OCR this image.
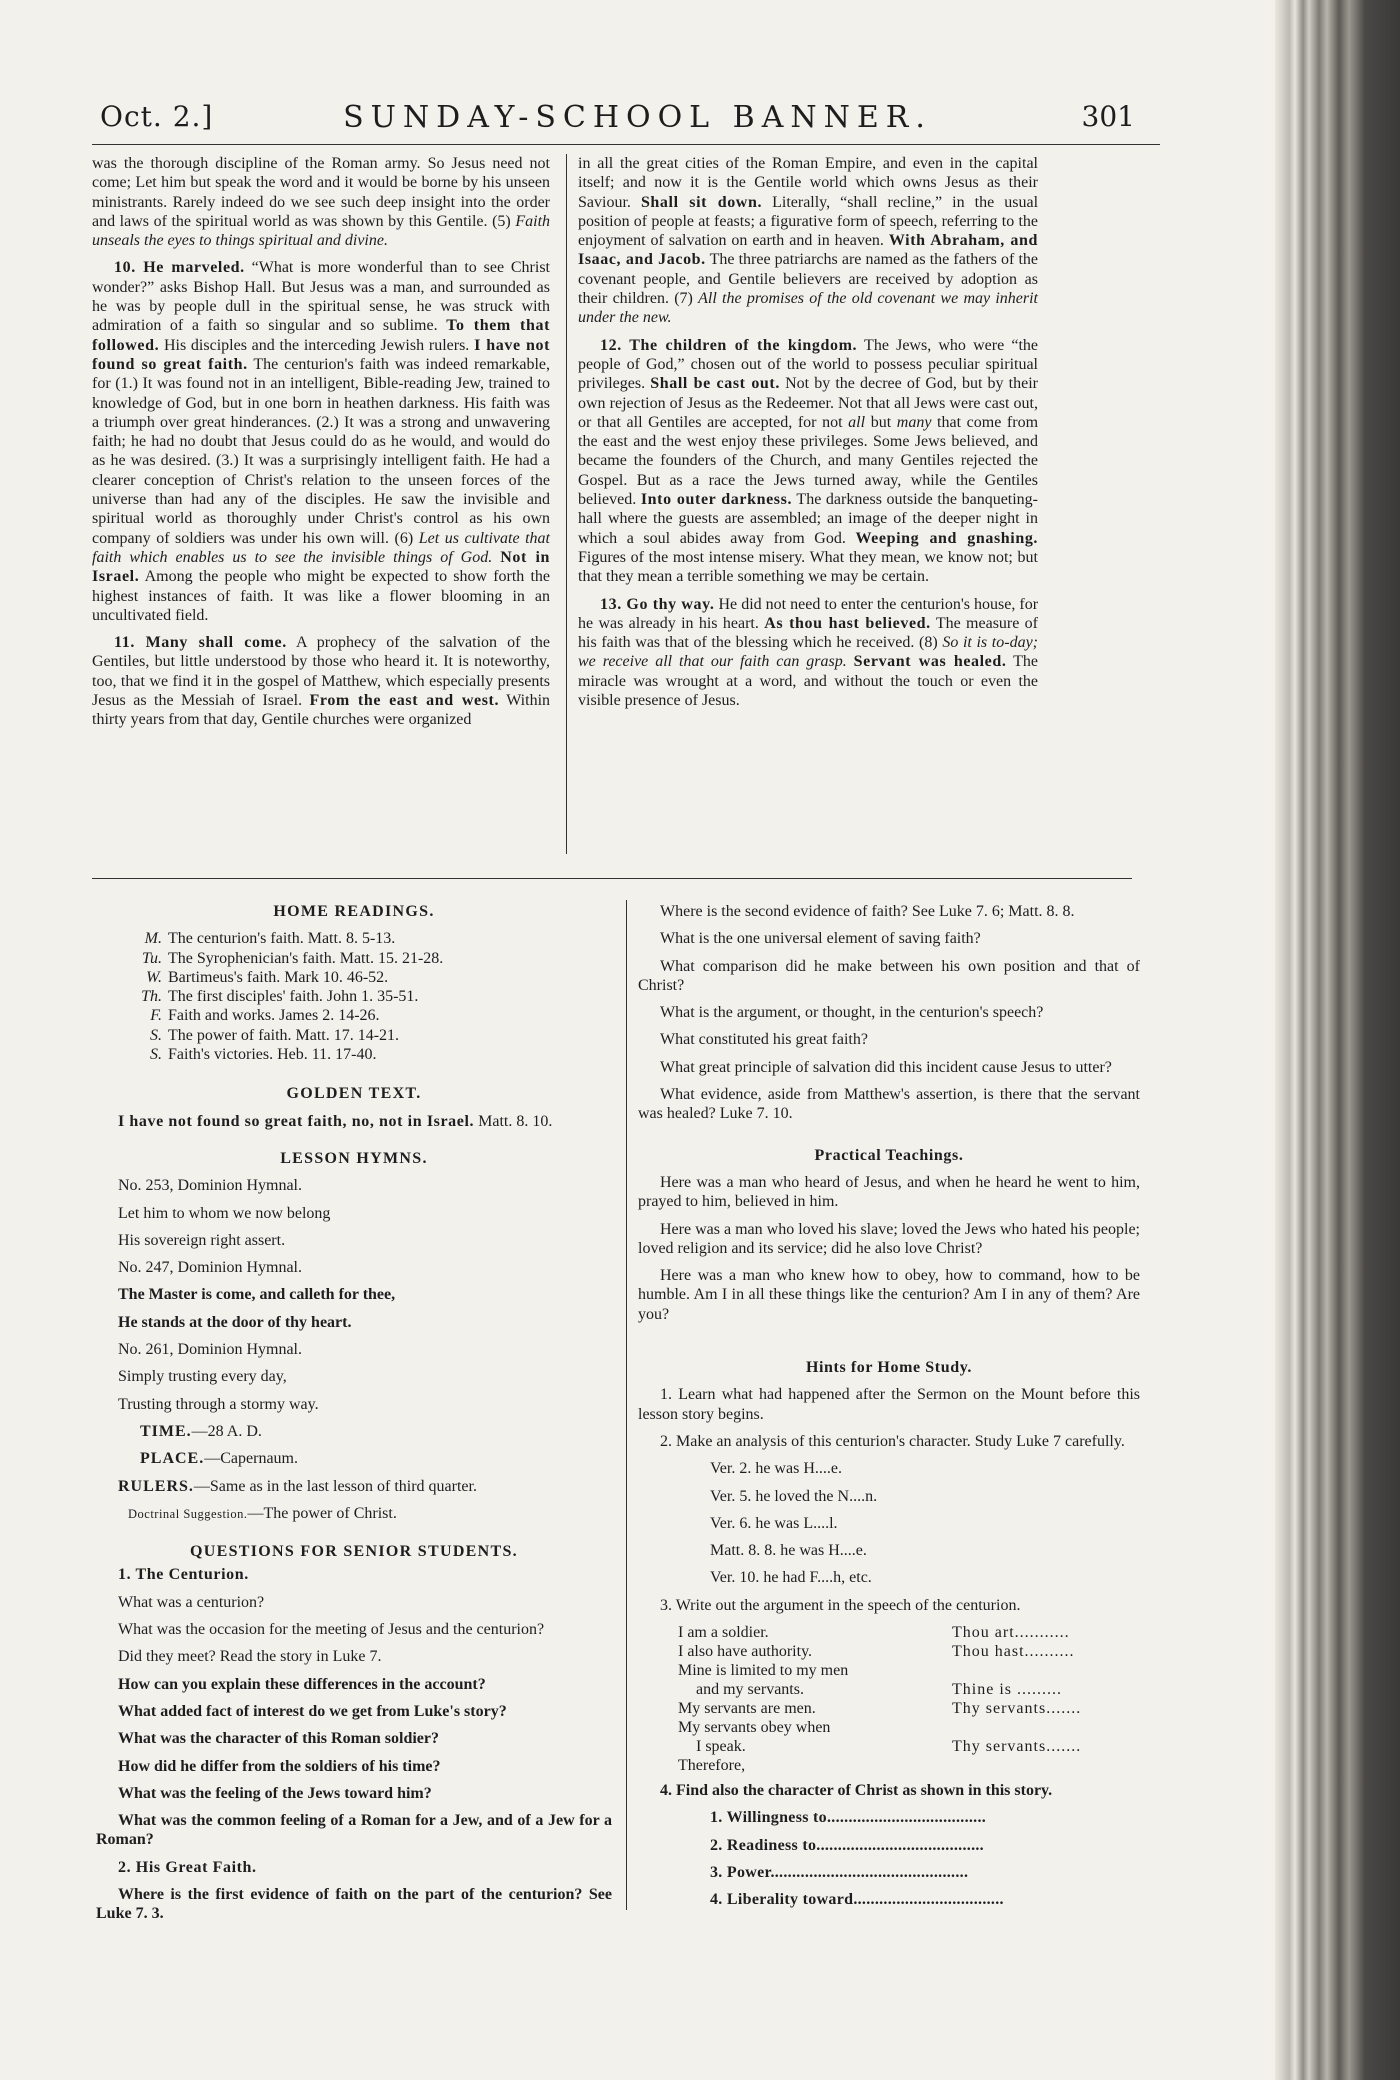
Oct. 2.]	SUNDAY-SCHOOL BANNER.	301

was the thorough discipline of the Roman army. So Jesus need not come; Let him but speak the word and it would be borne by his unseen ministrants. Rarely indeed do we see such deep insight into the order and laws of the spiritual world as was shown by this Gentile. (5) Faith unseals the eyes to things spiritual and divine.

10. He marveled. “What is more wonderful than to see Christ wonder?” asks Bishop Hall. But Jesus was a man, and surrounded as he was by people dull in the spiritual sense, he was struck with admiration of a faith so singular and so sublime. To them that followed. His disciples and the interceding Jewish rulers. I have not found so great faith. The centurion's faith was indeed remarkable, for (1.) It was found not in an intelligent, Bible-reading Jew, trained to knowledge of God, but in one born in heathen darkness. His faith was a triumph over great hinderances. (2.) It was a strong and unwavering faith; he had no doubt that Jesus could do as he would, and would do as he was desired. (3.) It was a surprisingly intelligent faith. He had a clearer conception of Christ's relation to the unseen forces of the universe than had any of the disciples. He saw the invisible and spiritual world as thoroughly under Christ's control as his own company of soldiers was under his own will. (6) Let us cultivate that faith which enables us to see the invisible things of God. Not in Israel. Among the people who might be expected to show forth the highest instances of faith. It was like a flower blooming in an uncultivated field.

11. Many shall come. A prophecy of the salvation of the Gentiles, but little understood by those who heard it. It is noteworthy, too, that we find it in the gospel of Matthew, which especially presents Jesus as the Messiah of Israel. From the east and west. Within thirty years from that day, Gentile churches were organized

in all the great cities of the Roman Empire, and even in the capital itself; and now it is the Gentile world which owns Jesus as their Saviour. Shall sit down. Literally, “shall recline,” in the usual position of people at feasts; a figurative form of speech, referring to the enjoyment of salvation on earth and in heaven. With Abraham, and Isaac, and Jacob. The three patriarchs are named as the fathers of the covenant people, and Gentile believers are received by adoption as their children. (7) All the promises of the old covenant we may inherit under the new.

12. The children of the kingdom. The Jews, who were “the people of God,” chosen out of the world to possess peculiar spiritual privileges. Shall be cast out. Not by the decree of God, but by their own rejection of Jesus as the Redeemer. Not that all Jews were cast out, or that all Gentiles are accepted, for not all but many that come from the east and the west enjoy these privileges. Some Jews believed, and became the founders of the Church, and many Gentiles rejected the Gospel. But as a race the Jews turned away, while the Gentiles believed. Into outer darkness. The darkness outside the banqueting-hall where the guests are assembled; an image of the deeper night in which a soul abides away from God. Weeping and gnashing. Figures of the most intense misery. What they mean, we know not; but that they mean a terrible something we may be certain.

13. Go thy way. He did not need to enter the centurion's house, for he was already in his heart. As thou hast believed. The measure of his faith was that of the blessing which he received. (8) So it is to-day; we receive all that our faith can grasp. Servant was healed. The miracle was wrought at a word, and without the touch or even the visible presence of Jesus.

HOME READINGS.
M. The centurion's faith. Matt. 8. 5-13.
Tu. The Syrophenician's faith. Matt. 15. 21-28.
W. Bartimeus's faith. Mark 10. 46-52.
Th. The first disciples' faith. John 1. 35-51.
F. Faith and works. James 2. 14-26.
S. The power of faith. Matt. 17. 14-21.
S. Faith's victories. Heb. 11. 17-40.
GOLDEN TEXT.

I have not found so great faith, no, not in Israel. Matt. 8. 10.

LESSON HYMNS.

No. 253, Dominion Hymnal.

Let him to whom we now belong

His sovereign right assert.

No. 247, Dominion Hymnal.

The Master is come, and calleth for thee,

He stands at the door of thy heart.

No. 261, Dominion Hymnal.

Simply trusting every day,

Trusting through a stormy way.

TIME.—28 A. D.

PLACE.—Capernaum.

RULERS.—Same as in the last lesson of third quarter.

Doctrinal Suggestion.—The power of Christ.

QUESTIONS FOR SENIOR STUDENTS.

1. The Centurion.

What was a centurion?

What was the occasion for the meeting of Jesus and the centurion?

Did they meet? Read the story in Luke 7.

How can you explain these differences in the account?

What added fact of interest do we get from Luke's story?

What was the character of this Roman soldier?

How did he differ from the soldiers of his time?

What was the feeling of the Jews toward him?

What was the common feeling of a Roman for a Jew, and of a Jew for a Roman?

2. His Great Faith.

Where is the first evidence of faith on the part of the centurion? See Luke 7. 3.

Where is the second evidence of faith? See Luke 7. 6; Matt. 8. 8.

What is the one universal element of saving faith?

What comparison did he make between his own position and that of Christ?

What is the argument, or thought, in the centurion's speech?

What constituted his great faith?

What great principle of salvation did this incident cause Jesus to utter?

What evidence, aside from Matthew's assertion, is there that the servant was healed? Luke 7. 10.

Practical Teachings.

Here was a man who heard of Jesus, and when he heard he went to him, prayed to him, believed in him.

Here was a man who loved his slave; loved the Jews who hated his people; loved religion and its service; did he also love Christ?

Here was a man who knew how to obey, how to command, how to be humble. Am I in all these things like the centurion? Am I in any of them? Are you?

Hints for Home Study.

1. Learn what had happened after the Sermon on the Mount before this lesson story begins.

2. Make an analysis of this centurion's character. Study Luke 7 carefully.

Ver. 2. he was H....e.

Ver. 5. he loved the N....n.

Ver. 6. he was L....l.

Matt. 8. 8. he was H....e.

Ver. 10. he had F....h, etc.

3. Write out the argument in the speech of the centurion.

I am a soldier.	Thou art...........
I also have authority.	Thou hast..........
Mine is limited to my men	
and my servants.	Thine is .........
My servants are men.	Thy servants.......
My servants obey when	
I speak.	Thy servants.......
Therefore,	

4. Find also the character of Christ as shown in this story.

1. Willingness to.....................................

2. Readiness to.......................................

3. Power..............................................

4. Liberality toward...................................
